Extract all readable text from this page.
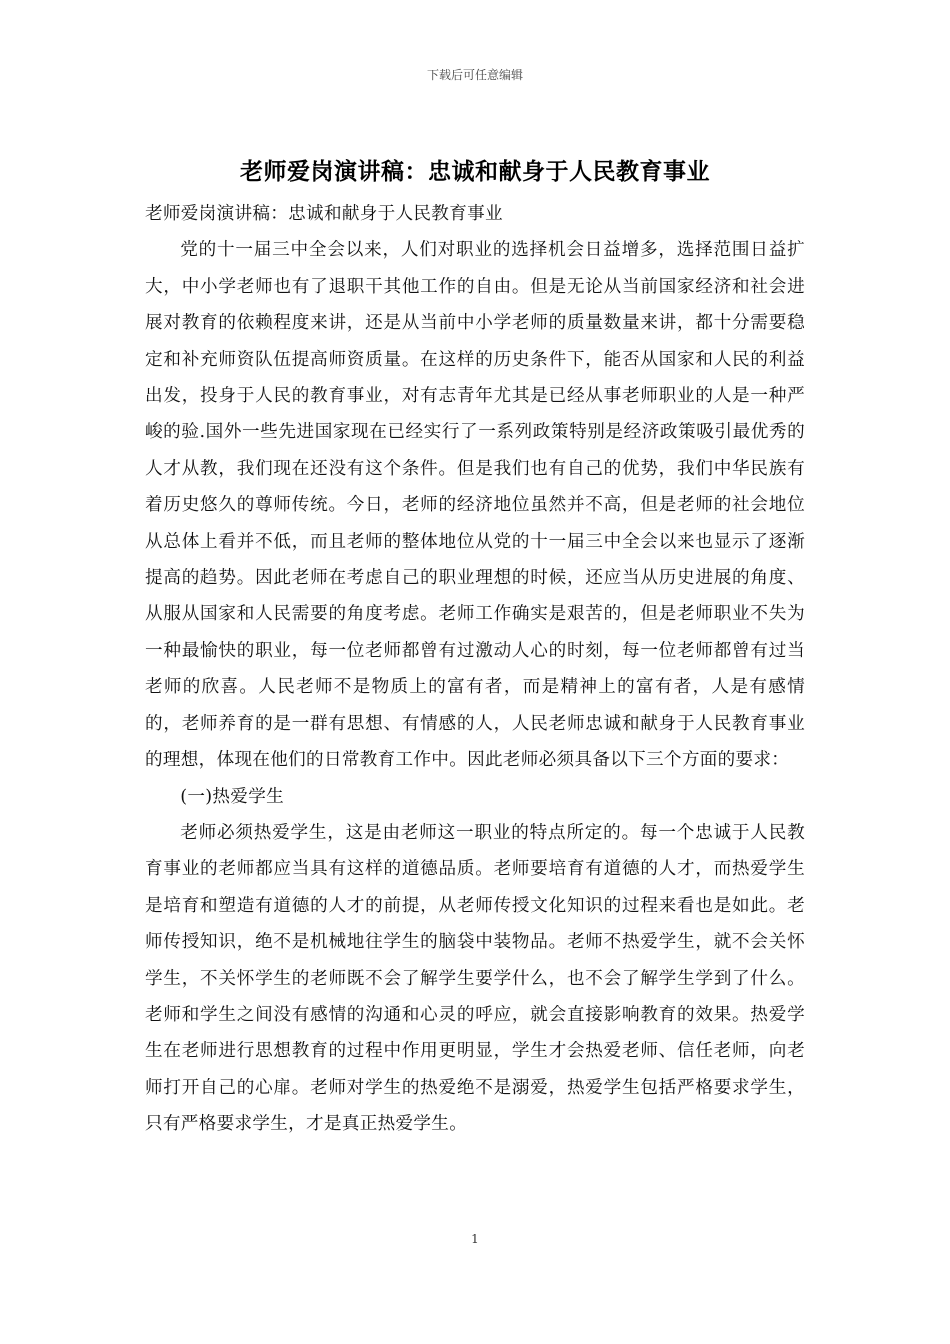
下载后可任意编辑
老师爱岗演讲稿：忠诚和献身于人民教育事业

老师爱岗演讲稿：忠诚和献身于人民教育事业

党的十一届三中全会以来，人们对职业的选择机会日益增多，选择范围日益扩大，中小学老师也有了退职干其他工作的自由。但是无论从当前国家经济和社会进展对教育的依赖程度来讲，还是从当前中小学老师的质量数量来讲，都十分需要稳定和补充师资队伍提高师资质量。在这样的历史条件下，能否从国家和人民的利益出发，投身于人民的教育事业，对有志青年尤其是已经从事老师职业的人是一种严峻的验.国外一些先进国家现在已经实行了一系列政策特别是经济政策吸引最优秀的人才从教，我们现在还没有这个条件。但是我们也有自己的优势，我们中华民族有着历史悠久的尊师传统。今日，老师的经济地位虽然并不高，但是老师的社会地位从总体上看并不低，而且老师的整体地位从党的十一届三中全会以来也显示了逐渐提高的趋势。因此老师在考虑自己的职业理想的时候，还应当从历史进展的角度、从服从国家和人民需要的角度考虑。老师工作确实是艰苦的，但是老师职业不失为一种最愉快的职业，每一位老师都曾有过激动人心的时刻，每一位老师都曾有过当老师的欣喜。人民老师不是物质上的富有者，而是精神上的富有者，人是有感情的，老师养育的是一群有思想、有情感的人，人民老师忠诚和献身于人民教育事业的理想，体现在他们的日常教育工作中。因此老师必须具备以下三个方面的要求：

(一)热爱学生

老师必须热爱学生，这是由老师这一职业的特点所定的。每一个忠诚于人民教育事业的老师都应当具有这样的道德品质。老师要培育有道德的人才，而热爱学生是培育和塑造有道德的人才的前提，从老师传授文化知识的过程来看也是如此。老师传授知识，绝不是机械地往学生的脑袋中装物品。老师不热爱学生，就不会关怀学生，不关怀学生的老师既不会了解学生要学什么，也不会了解学生学到了什么。老师和学生之间没有感情的沟通和心灵的呼应，就会直接影响教育的效果。热爱学生在老师进行思想教育的过程中作用更明显，学生才会热爱老师、信任老师，向老师打开自己的心扉。老师对学生的热爱绝不是溺爱，热爱学生包括严格要求学生，只有严格要求学生，才是真正热爱学生。

1
